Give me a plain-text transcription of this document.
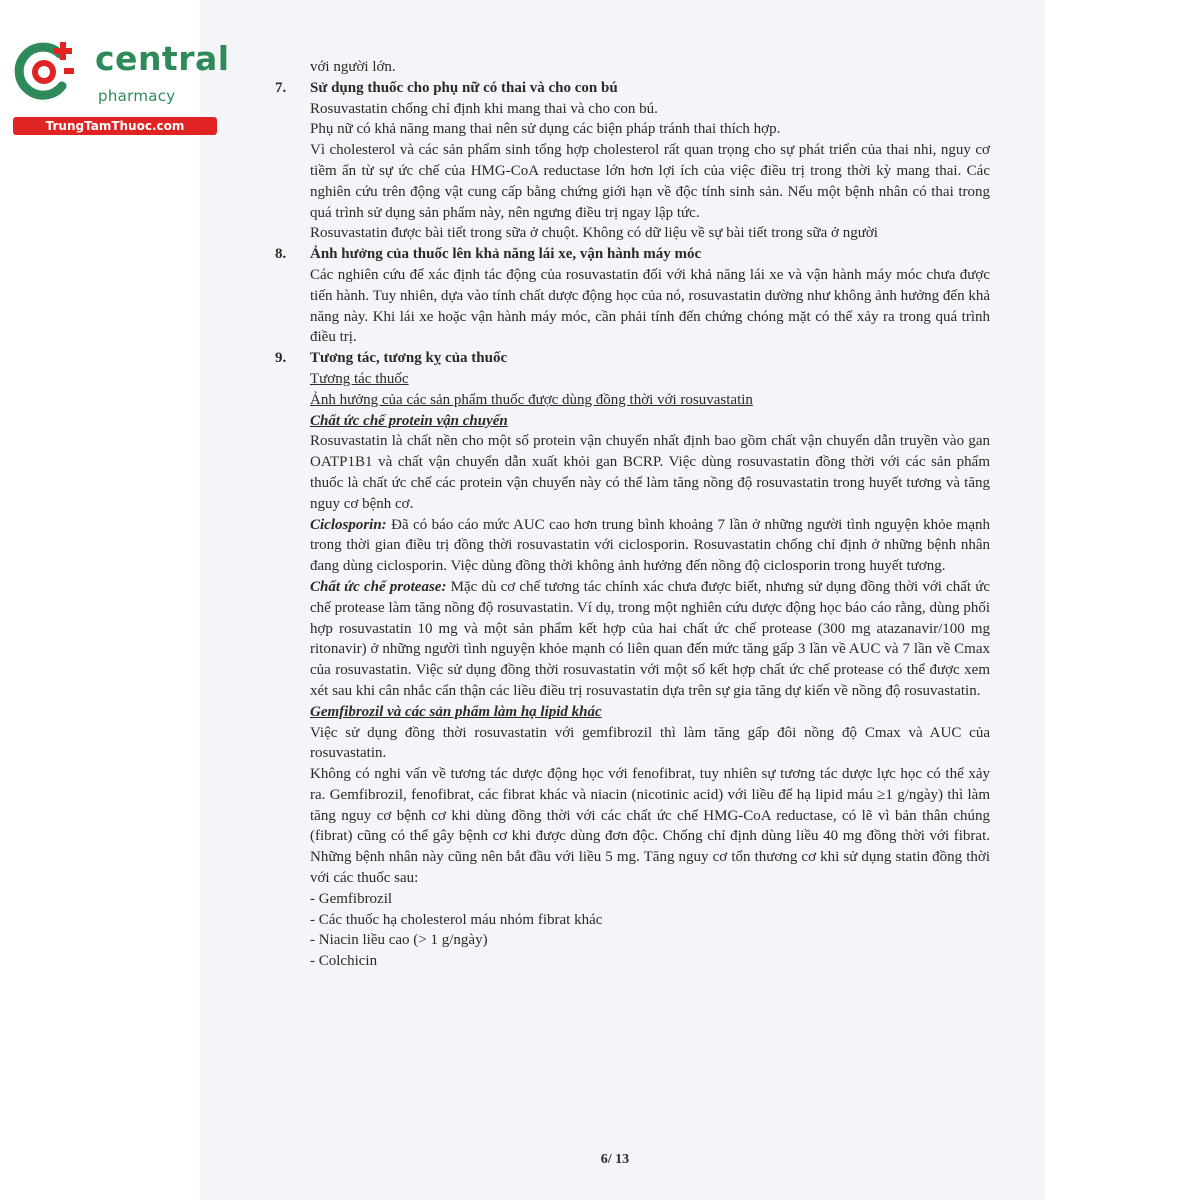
central
pharmacy
TrungTamThuoc.com
với người lớn.
7.	Sử dụng thuốc cho phụ nữ có thai và cho con bú
Rosuvastatin chống chỉ định khi mang thai và cho con bú.
Phụ nữ có khả năng mang thai nên sử dụng các biện pháp tránh thai thích hợp.
Vì cholesterol và các sản phẩm sinh tổng hợp cholesterol rất quan trọng cho sự phát triển của thai nhi, nguy cơ tiềm ẩn từ sự ức chế của HMG-CoA reductase lớn hơn lợi ích của việc điều trị trong thời kỳ mang thai. Các nghiên cứu trên động vật cung cấp bằng chứng giới hạn về độc tính sinh sản. Nếu một bệnh nhân có thai trong quá trình sử dụng sản phẩm này, nên ngưng điều trị ngay lập tức.
Rosuvastatin được bài tiết trong sữa ở chuột. Không có dữ liệu về sự bài tiết trong sữa ở người
8.	Ảnh hưởng của thuốc lên khả năng lái xe, vận hành máy móc
Các nghiên cứu để xác định tác động của rosuvastatin đối với khả năng lái xe và vận hành máy móc chưa được tiến hành. Tuy nhiên, dựa vào tính chất dược động học của nó, rosuvastatin dường như không ảnh hưởng đến khả năng này. Khi lái xe hoặc vận hành máy móc, cần phải tính đến chứng chóng mặt có thể xảy ra trong quá trình điều trị.
9.	Tương tác, tương kỵ của thuốc
Tương tác thuốc
Ảnh hưởng của các sản phẩm thuốc được dùng đồng thời với rosuvastatin
Chất ức chế protein vận chuyển
Rosuvastatin là chất nền cho một số protein vận chuyển nhất định bao gồm chất vận chuyển dẫn truyền vào gan OATP1B1 và chất vận chuyển dẫn xuất khỏi gan BCRP. Việc dùng rosuvastatin đồng thời với các sản phẩm thuốc là chất ức chế các protein vận chuyển này có thể làm tăng nồng độ rosuvastatin trong huyết tương và tăng nguy cơ bệnh cơ.
Ciclosporin: Đã có báo cáo mức AUC cao hơn trung bình khoảng 7 lần ở những người tình nguyện khỏe mạnh trong thời gian điều trị đồng thời rosuvastatin với ciclosporin. Rosuvastatin chống chỉ định ở những bệnh nhân đang dùng ciclosporin. Việc dùng đồng thời không ảnh hưởng đến nồng độ ciclosporin trong huyết tương.
Chất ức chế protease: Mặc dù cơ chế tương tác chính xác chưa được biết, nhưng sử dụng đồng thời với chất ức chế protease làm tăng nồng độ rosuvastatin. Ví dụ, trong một nghiên cứu dược động học báo cáo rằng, dùng phối hợp rosuvastatin 10 mg và một sản phẩm kết hợp của hai chất ức chế protease (300 mg atazanavir/100 mg ritonavir) ở những người tình nguyện khỏe mạnh có liên quan đến mức tăng gấp 3 lần về AUC và 7 lần về Cmax của rosuvastatin. Việc sử dụng đồng thời rosuvastatin với một số kết hợp chất ức chế protease có thể được xem xét sau khi cân nhắc cẩn thận các liều điều trị rosuvastatin dựa trên sự gia tăng dự kiến về nồng độ rosuvastatin.
Gemfibrozil và các sản phẩm làm hạ lipid khác
Việc sử dụng đồng thời rosuvastatin với gemfibrozil thì làm tăng gấp đôi nồng độ Cmax và AUC của rosuvastatin.
Không có nghi vấn về tương tác dược động học với fenofibrat, tuy nhiên sự tương tác dược lực học có thể xảy ra. Gemfibrozil, fenofibrat, các fibrat khác và niacin (nicotinic acid) với liều để hạ lipid máu ≥1 g/ngày) thì làm tăng nguy cơ bệnh cơ khi dùng đồng thời với các chất ức chế HMG-CoA reductase, có lẽ vì bản thân chúng (fibrat) cũng có thể gây bệnh cơ khi được dùng đơn độc. Chống chỉ định dùng liều 40 mg đồng thời với fibrat. Những bệnh nhân này cũng nên bắt đầu với liều 5 mg. Tăng nguy cơ tổn thương cơ khi sử dụng statin đồng thời với các thuốc sau:
- Gemfibrozil
- Các thuốc hạ cholesterol máu nhóm fibrat khác
- Niacin liều cao (> 1 g/ngày)
- Colchicin
6/ 13
